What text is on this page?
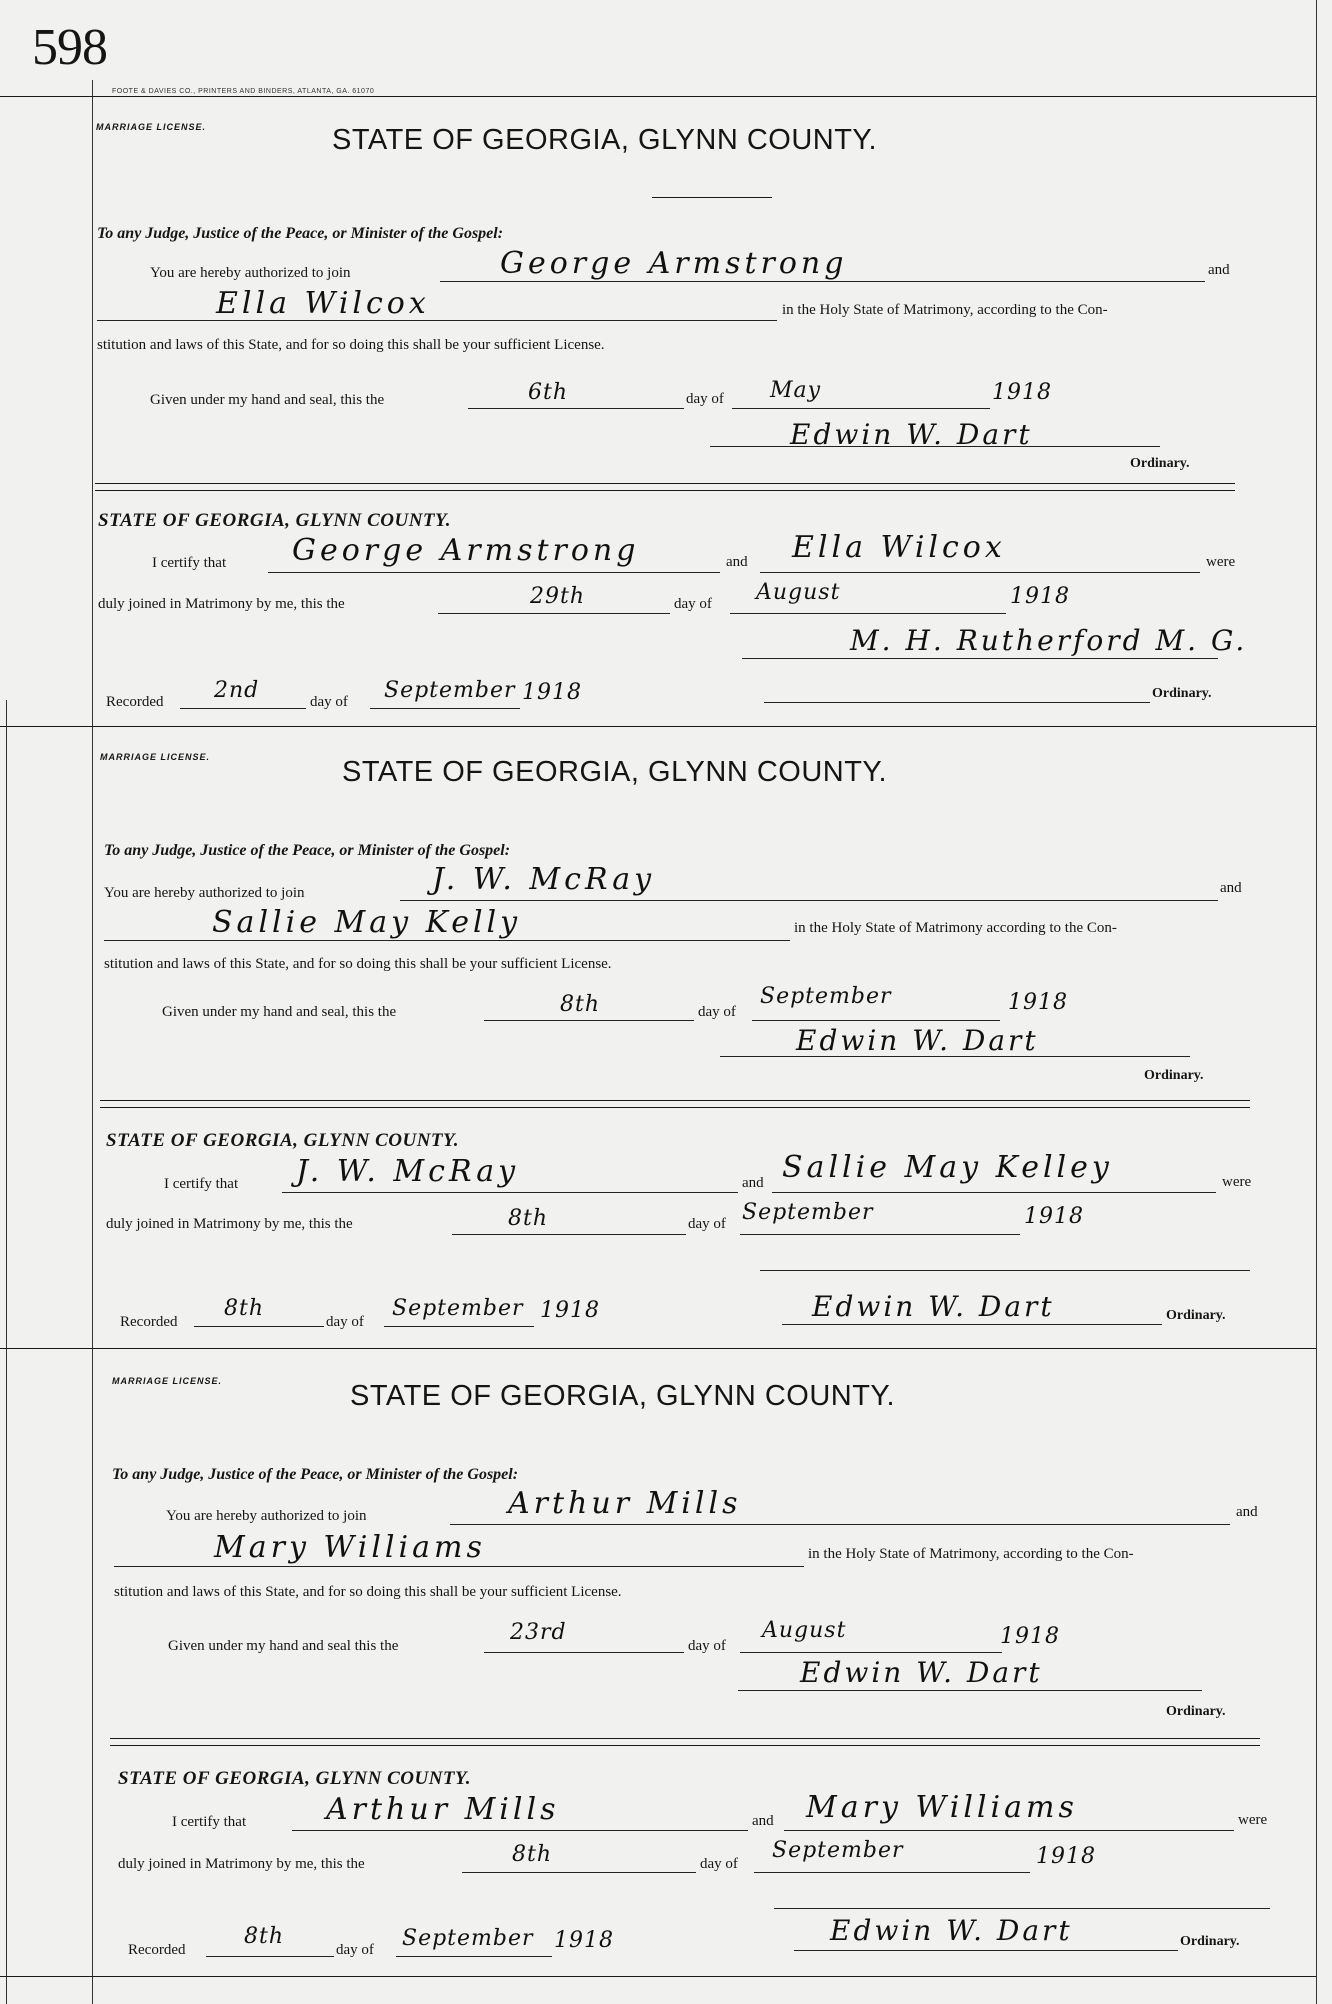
598
FOOTE & DAVIES CO., PRINTERS AND BINDERS, ATLANTA, GA. 61070
MARRIAGE LICENSE.	STATE OF GEORGIA, GLYNN COUNTY.
To any Judge, Justice of the Peace, or Minister of the Gospel:
You are hereby authorized to join	George Armstrong	and
Ella Wilcox	in the Holy State of Matrimony, according to the Con-
stitution and laws of this State, and for so doing this shall be your sufficient License.
Given under my hand and seal, this the	6th	day of May	1918
Edwin W. Dart
Ordinary.
STATE OF GEORGIA, GLYNN COUNTY.
I certify that George Armstrong	and Ella Wilcox	were
duly joined in Matrimony by me, this the	29th	day of August	1918
M. H. Rutherford M. G.
Recorded 2nd	day of September 1918	Ordinary.
MARRIAGE LICENSE.	STATE OF GEORGIA, GLYNN COUNTY.
To any Judge, Justice of the Peace, or Minister of the Gospel:
You are hereby authorized to join	J. W. McRay	and
Sallie May Kelly	in the Holy State of Matrimony according to the Con-
stitution and laws of this State, and for so doing this shall be your sufficient License.
Given under my hand and seal, this the	8th	day of
September	1918
Edwin W. Dart
Ordinary.
STATE OF GEORGIA, GLYNN COUNTY.
I certify that J. W. McRay	and Sallie May Kelley	were
duly joined in Matrimony by me, this the	8th	day of September	1918
Recorded
8th
day of
September 1918	Edwin W. Dart	Ordinary.
MARRIAGE LICENSE.	STATE OF GEORGIA, GLYNN COUNTY.
To any Judge, Justice of the Peace, or Minister of the Gospel:
You are hereby authorized to join	Arthur Mills	and
Mary Williams	in the Holy State of Matrimony, according to the Con-
stitution and laws of this State, and for so doing this shall be your sufficient License.
Given under my hand and seal this the
23rd
day of
August	1918
Edwin W. Dart
Ordinary.
STATE OF GEORGIA, GLYNN COUNTY.
I certify that	Arthur Mills	and Mary Williams	were
duly joined in Matrimony by me, this the	8th	day of
September	1918
Recorded
8th
day of September 1918	Edwin W. Dart	Ordinary.
